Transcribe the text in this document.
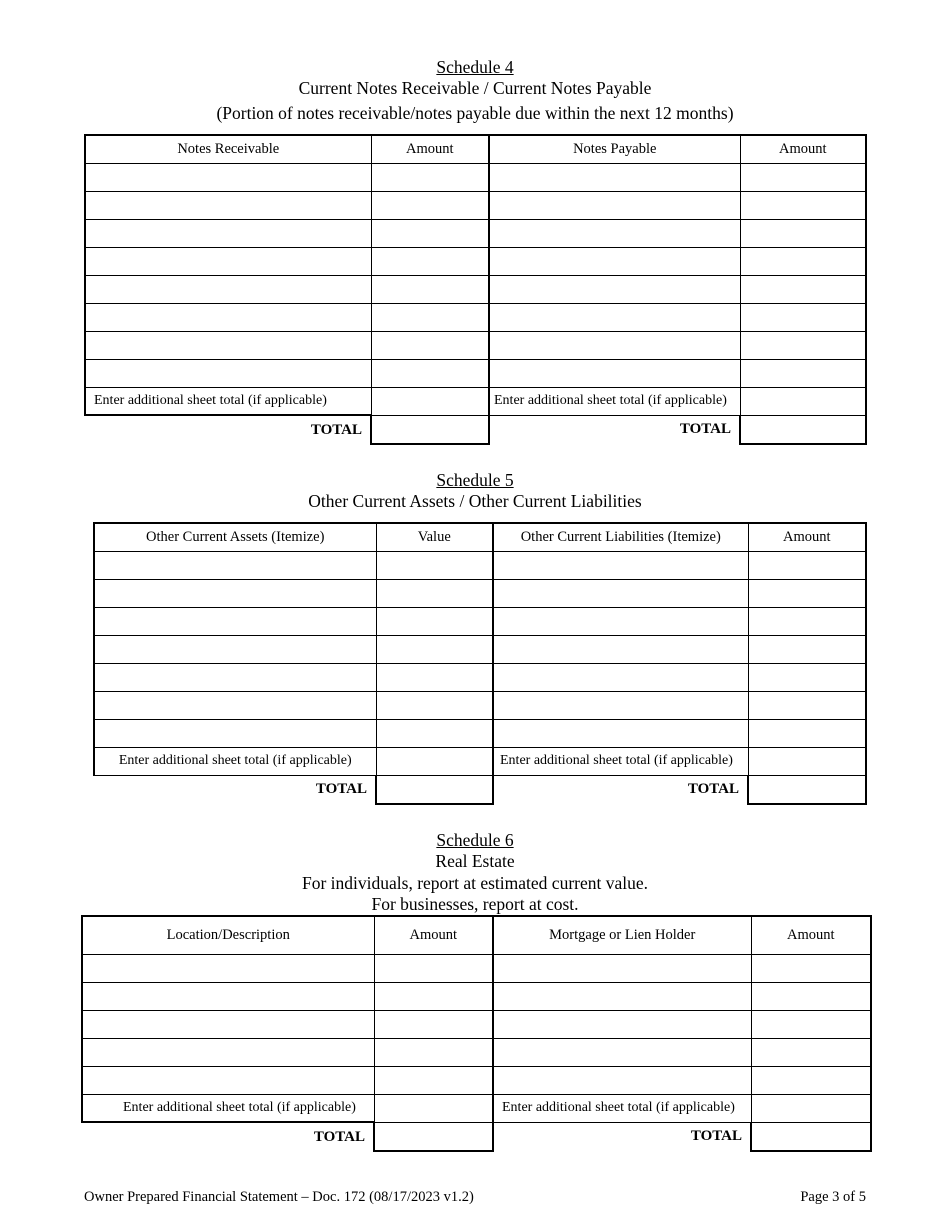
Schedule 4
Current Notes Receivable / Current Notes Payable
(Portion of notes receivable/notes payable due within the next 12 months)
Notes Receivable	Amount	Notes Payable	Amount

Enter additional sheet total (if applicable)		Enter additional sheet total (if applicable)	
TOTAL		TOTAL	
Schedule 5
Other Current Assets / Other Current Liabilities
Other Current Assets (Itemize)	Value	Other Current Liabilities (Itemize)	Amount

Enter additional sheet total (if applicable)		Enter additional sheet total (if applicable)	
TOTAL		TOTAL	
Schedule 6
Real Estate
For individuals, report at estimated current value.
For businesses, report at cost.
Location/Description	Amount	Mortgage or Lien Holder	Amount

Enter additional sheet total (if applicable)		Enter additional sheet total (if applicable)	
TOTAL		TOTAL	
Owner Prepared Financial Statement – Doc. 172 (08/17/2023 v1.2)	Page 3 of 5
